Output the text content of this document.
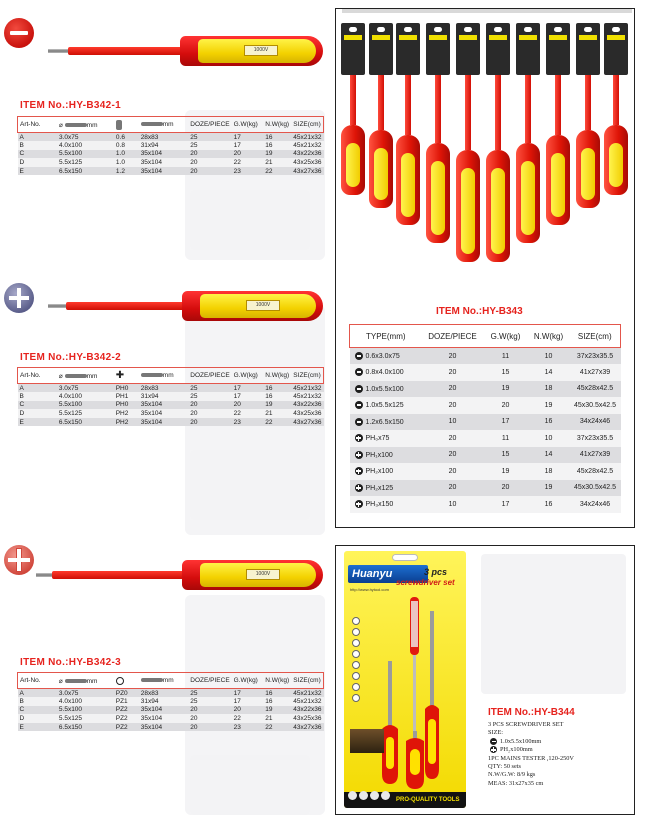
1000V
ITEM No.:HY-B342-1
Art-No.	⌀ mm		mm	DOZE/PIECE	G.W(kg)	N.W(kg)	SIZE(cm)
A	3.0x75	0.6	28x83	25	17	16	45x21x32
B	4.0x100	0.8	31x94	25	17	16	45x21x32
C	5.5x100	1.0	35x104	20	20	19	43x22x36
D	5.5x125	1.0	35x104	20	22	21	43x25x36
E	6.5x150	1.2	35x104	20	23	22	43x27x36
1000V
ITEM No.:HY-B342-2
Art-No.	⌀ mm	✚	mm	DOZE/PIECE	G.W(kg)	N.W(kg)	SIZE(cm)
A	3.0x75	PH0	28x83	25	17	16	45x21x32
B	4.0x100	PH1	31x94	25	17	16	45x21x32
C	5.5x100	PH0	35x104	20	20	19	43x22x36
D	5.5x125	PH2	35x104	20	22	21	43x25x36
E	6.5x150	PH2	35x104	20	23	22	43x27x36
1000V
ITEM No.:HY-B342-3
Art-No.	⌀ mm		mm	DOZE/PIECE	G.W(kg)	N.W(kg)	SIZE(cm)
A	3.0x75	PZ0	28x83	25	17	16	45x21x32
B	4.0x100	PZ1	31x94	25	17	16	45x21x32
C	5.5x100	PZ2	35x104	20	20	19	43x22x36
D	5.5x125	PZ2	35x104	20	22	21	43x25x36
E	6.5x150	PZ2	35x104	20	23	22	43x27x36
ITEM No.:HY-B343
TYPE(mm)	DOZE/PIECE	G.W(kg)	N.W(kg)	SIZE(cm)
0.6x3.0x75	20	11	10	37x23x35.5
0.8x4.0x100	20	15	14	41x27x39
1.0x5.5x100	20	19	18	45x28x42.5
1.0x5.5x125	20	20	19	45x30.5x42.5
1.2x6.5x150	10	17	16	34x24x46
PH₀x75	20	11	10	37x23x35.5
PH₁x100	20	15	14	41x27x39
PH₂x100	20	19	18	45x28x42.5
PH₂x125	20	20	19	45x30.5x42.5
PH₃x150	10	17	16	34x24x46
Huanyu	3 pcs
screwdriver set
http://www.hytool.com
PRO-QUALITY TOOLS
ITEM No.:HY-B344
3 PCS SCREWDRIVER SET
SIZE:
1.0x5.5x100mm
PH₂x100mm
1PC MAINS TESTER ,120-250V
QTY: 50 sets
N.W/G.W: 8/9 kgs
MEAS: 31x27x35 cm
